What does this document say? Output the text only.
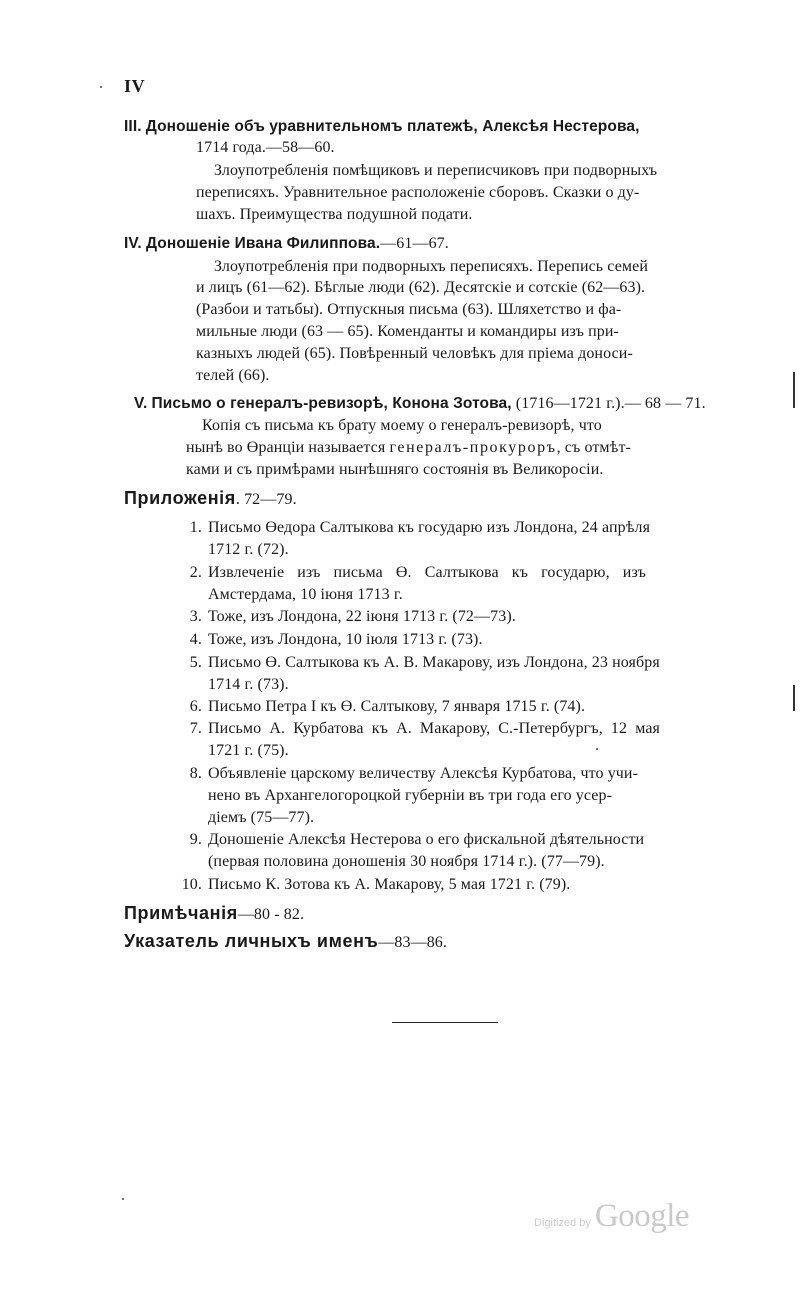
IV
III. Доношеніе объ уравнительномъ платежѣ, Алексѣя Нестерова,
1714 года.—58—60.
Злоупотребленія помѣщиковъ и переписчиковъ при подворныхъ
переписяхъ. Уравнительное расположеніе сборовъ. Сказки о ду-
шахъ. Преимущества подушной подати.
IV. Доношеніе Ивана Филиппова.—61—67.
Злоупотребленія при подворныхъ переписяхъ. Перепись семей
и лицъ (61—62). Бѣглые люди (62). Десятскіе и сотскіе (62—63).
(Разбои и татьбы). Отпускныя письма (63). Шляхетство и фа-
мильные люди (63 — 65). Коменданты и командиры изъ при-
казныхъ людей (65). Повѣренный человѣкъ для пріема доноси-
телей (66).
V. Письмо о генералъ-ревизорѣ, Конона Зотова, (1716—1721 г.).— 68 — 71.
Копія съ письма къ брату моему о генералъ-ревизорѣ, что
нынѣ во Өранціи называется генералъ-прокуроръ, съ отмѣт-
ками и съ примѣрами нынѣшняго состоянія въ Великоросіи.
Приложенія. 72—79.
1. Письмо Өедора Салтыкова къ государю изъ Лондона, 24 апрѣля
1712 г. (72).
2. Извлеченіе изъ письма Ө. Салтыкова къ государю, изъ
Амстердама, 10 іюня 1713 г.
3. Тоже, изъ Лондона, 22 іюня 1713 г. (72—73).
4. Тоже, изъ Лондона, 10 іюля 1713 г. (73).
5. Письмо Ө. Салтыкова къ А. В. Макарову, изъ Лондона, 23 ноября
1714 г. (73).
6. Письмо Петра I къ Ө. Салтыкову, 7 января 1715 г. (74).
7. Письмо А. Курбатова къ А. Макарову, С.-Петербургъ, 12 мая
1721 г. (75).
8. Объявленіе царскому величеству Алексѣя Курбатова, что учи-
нено въ Архангелогороцкой губерніи въ три года его усер-
діемъ (75—77).
9. Доношеніе Алексѣя Нестерова о его фискальной дѣятельности
(первая половина доношенія 30 ноября 1714 г.). (77—79).
10. Письмо К. Зотова къ А. Макарову, 5 мая 1721 г. (79).
Примѣчанія—80 - 82.
Указатель личныхъ именъ—83—86.
Digitized by Google
